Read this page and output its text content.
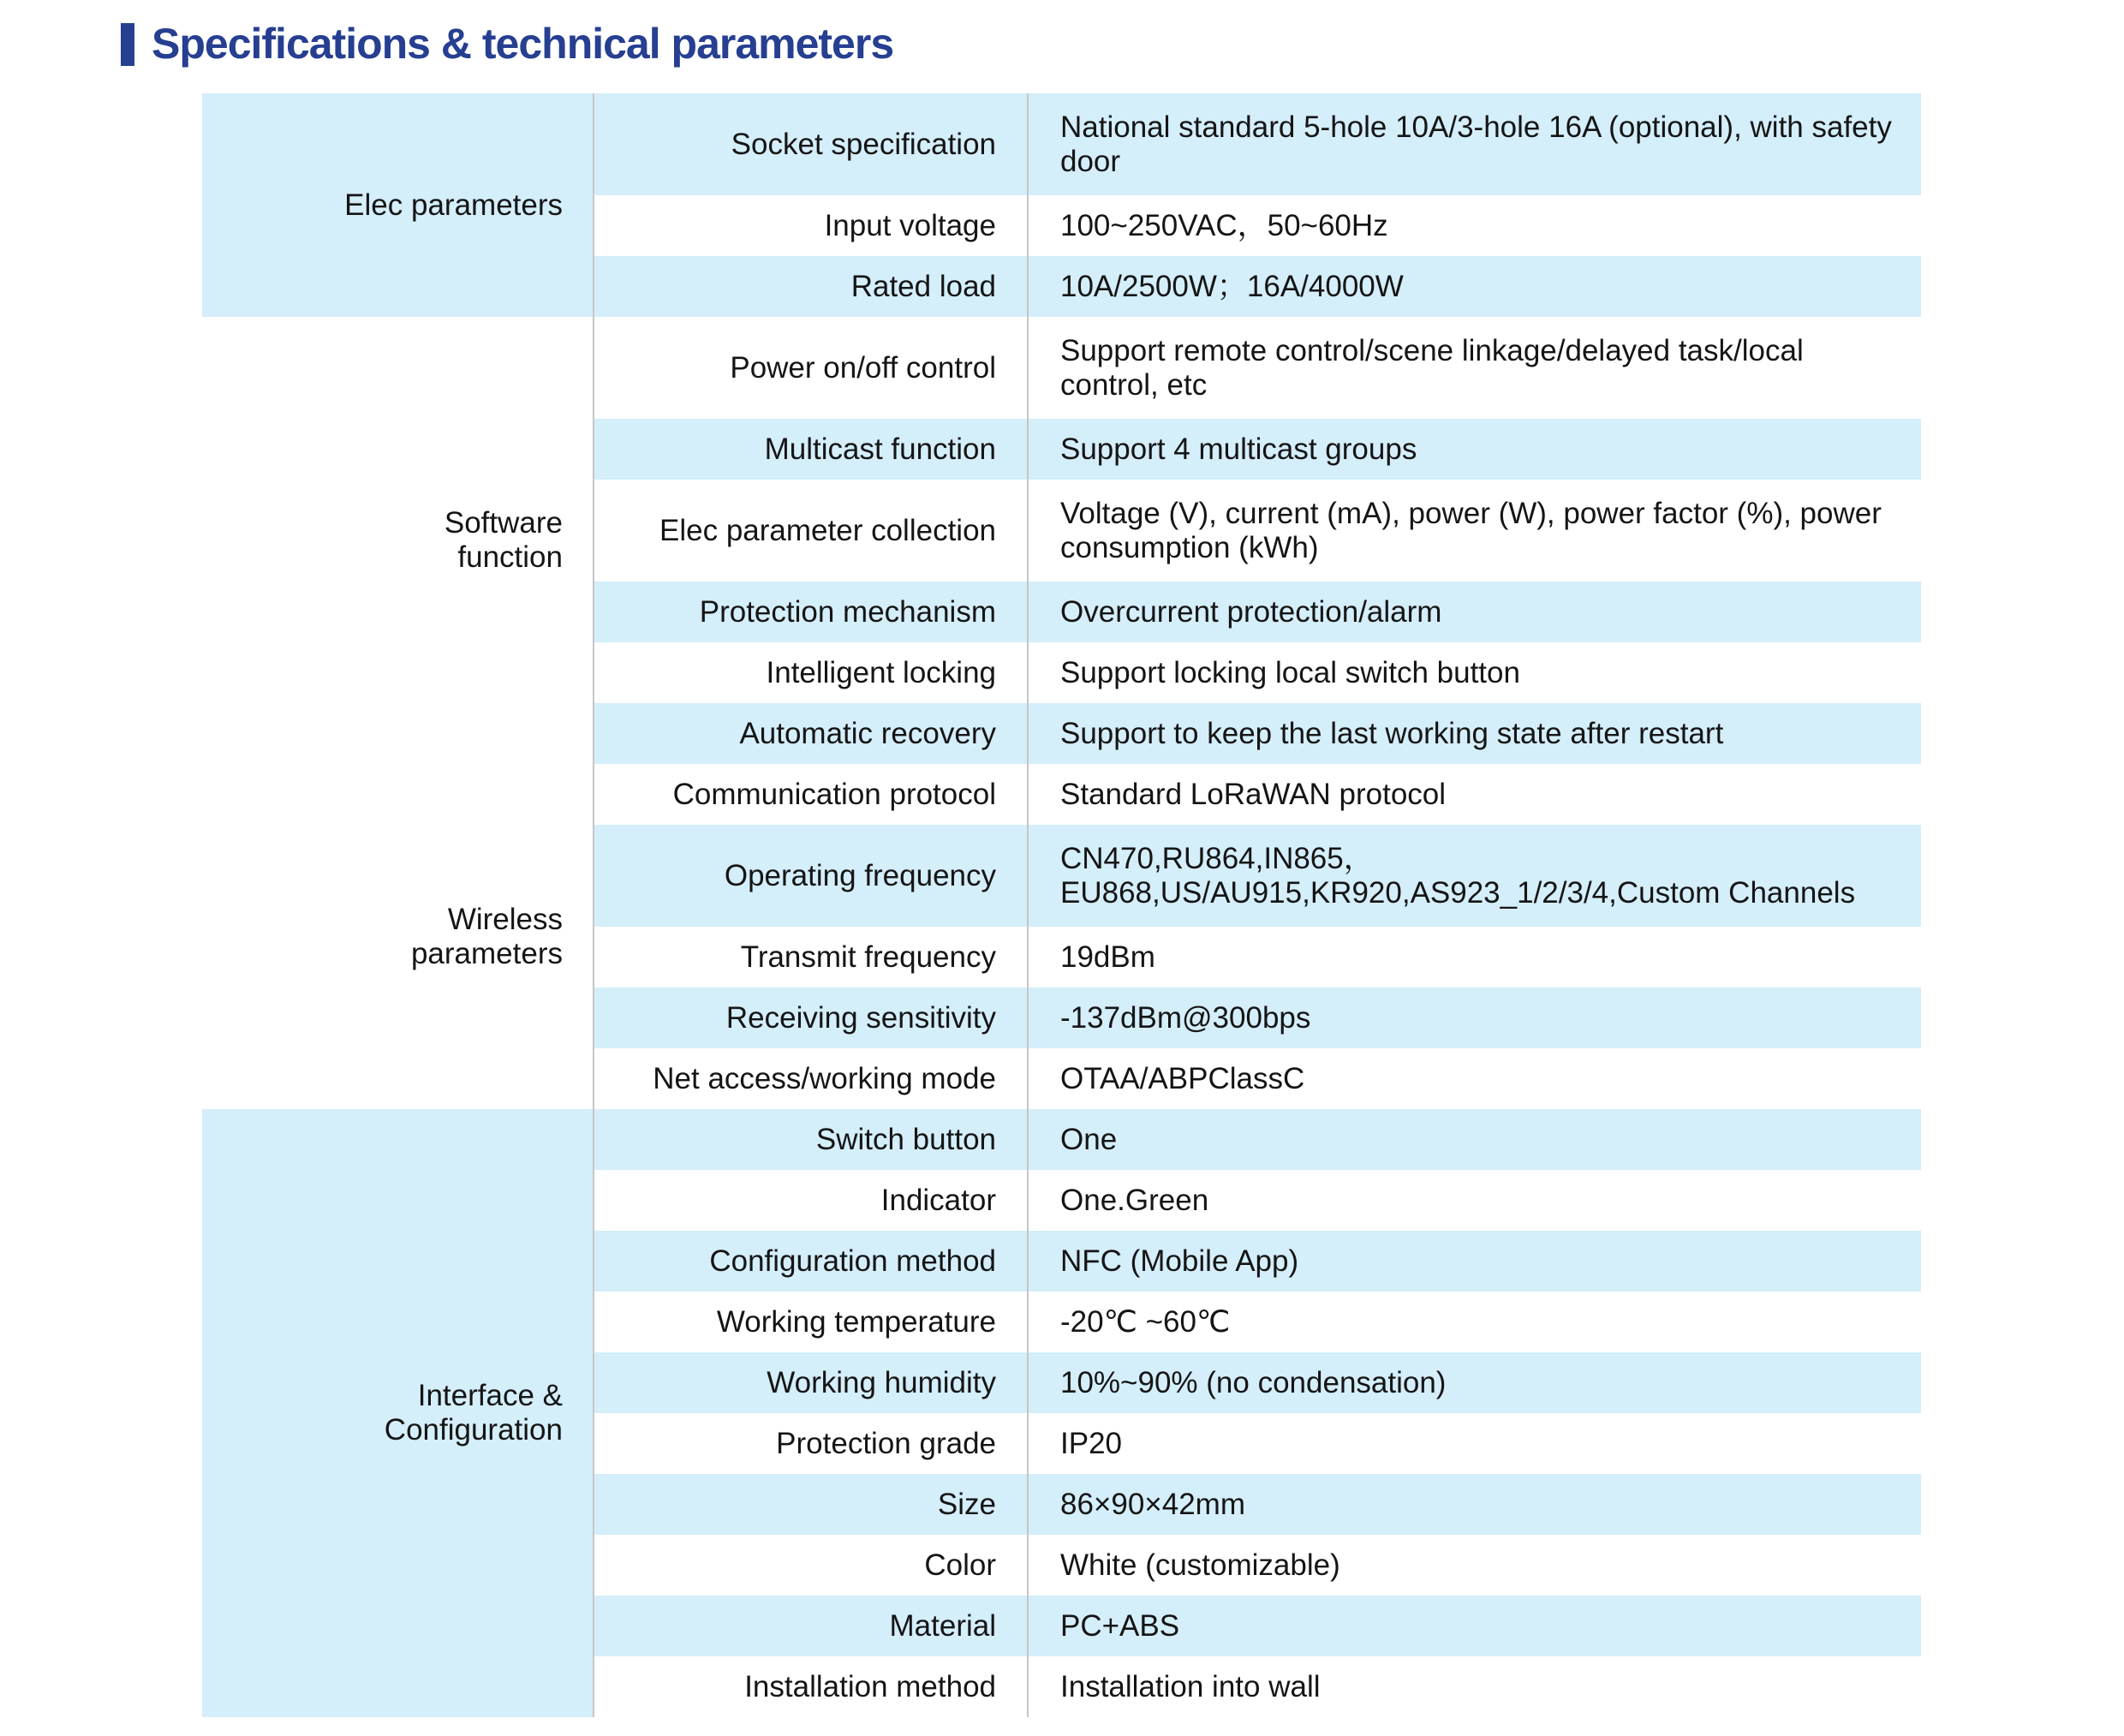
Specifications & technical parameters
Elec parameters	Socket specification	National standard 5-hole 10A/3-hole 16A (optional), with safety door
	Input voltage	100~250VAC，50~60Hz
	Rated load	10A/2500W；16A/4000W
Software function	Power on/off control	Support remote control/scene linkage/delayed task/local control, etc
	Multicast function	Support 4 multicast groups
	Elec parameter collection	Voltage (V), current (mA), power (W), power factor (%), power consumption (kWh)
	Protection mechanism	Overcurrent protection/alarm
	Intelligent locking	Support locking local switch button
	Automatic recovery	Support to keep the last working state after restart
Wireless parameters	Communication protocol	Standard LoRaWAN protocol
	Operating frequency	CN470,RU864,IN865， EU868,US/AU915,KR920,AS923_1/2/3/4,Custom Channels
	Transmit frequency	19dBm
	Receiving sensitivity	-137dBm@300bps
	Net access/working mode	OTAA/ABPClassC
Interface & Configuration	Switch button	One
	Indicator	One.Green
	Configuration method	NFC (Mobile App)
	Working temperature	-20℃ ~60℃
	Working humidity	10%~90% (no condensation)
	Protection grade	IP20
	Size	86×90×42mm
	Color	White (customizable)
	Material	PC+ABS
	Installation method	Installation into wall
